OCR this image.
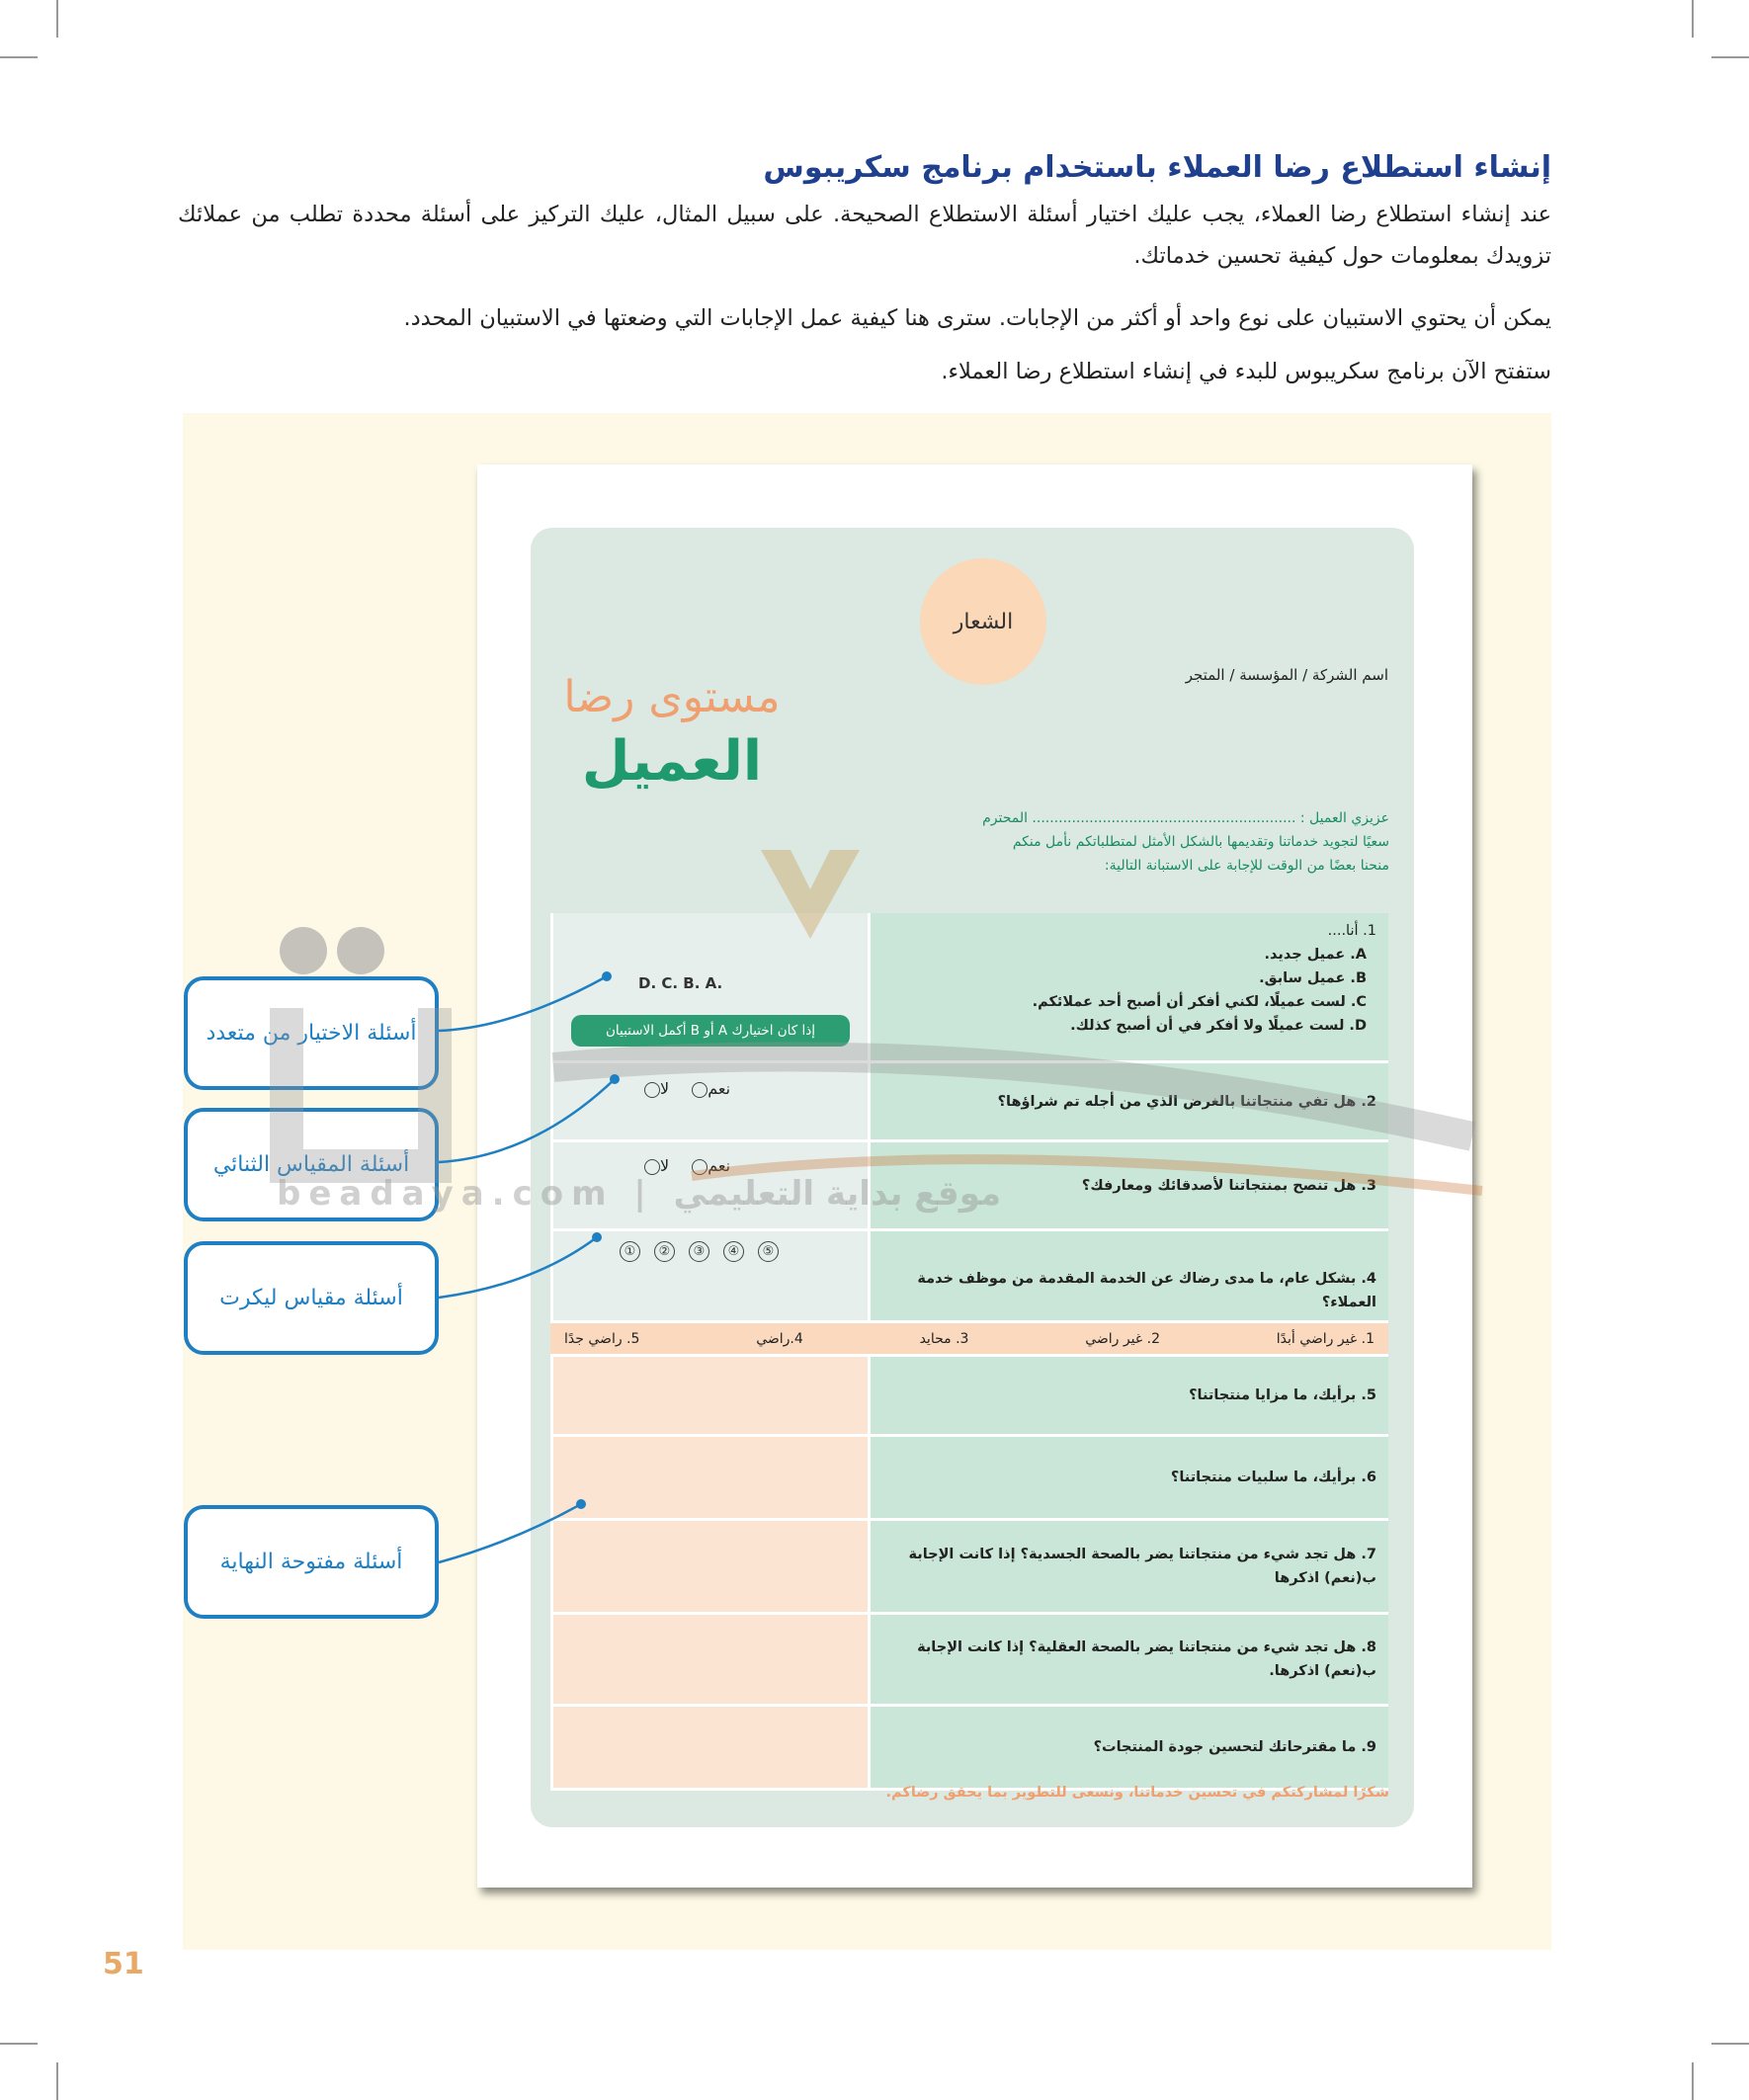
إنشاء استطلاع رضا العملاء باستخدام برنامج سكريبوس

عند إنشاء استطلاع رضا العملاء، يجب عليك اختيار أسئلة الاستطلاع الصحيحة. على سبيل المثال، عليك التركيز على أسئلة محددة تطلب من عملائك تزويدك بمعلومات حول كيفية تحسين خدماتك.

يمكن أن يحتوي الاستبيان على نوع واحد أو أكثر من الإجابات. سترى هنا كيفية عمل الإجابات التي وضعتها في الاستبيان المحدد.

ستفتح الآن برنامج سكريبوس للبدء في إنشاء استطلاع رضا العملاء.

الشعار
اسم الشركة / المؤسسة / المتجر
مستوى رضا
العميل
عزيزي العميل : ............................................................ المحترم
سعيًا لتجويد خدماتنا وتقديمها بالشكل الأمثل لمتطلباتكم نأمل منكم
منحنا بعضًا من الوقت للإجابة على الاستبانة التالية:
1. أنا....
A. عميل جديد.
B. عميل سابق.
C. لست عميلًا، لكني أفكر أن أصبح أحد عملائكم.
D. لست عميلًا ولا أفكر في أن أصبح كذلك.
2. هل تفي منتجاتنا بالغرض الذي من أجله تم شراؤها؟
3. هل تنصح بمنتجاتنا لأصدقائك ومعارفك؟
4. بشكل عام، ما مدى رضاك عن الخدمة المقدمة من موظف خدمة العملاء؟
1. غير راضي أبدًا
2. غير راضي
3. محايد
4.راضي
5. راضي جدًا
5. برأيك، ما مزايا منتجاتنا؟
6. برأيك، ما سلبيات منتجاتنا؟
7. هل تجد شيء من منتجاتنا يضر بالصحة الجسدية؟ إذا كانت الإجابة ب(نعم) اذكرها
8. هل تجد شيء من منتجاتنا يضر بالصحة العقلية؟ إذا كانت الإجابة ب(نعم) اذكرها.
9. ما مقترحاتك لتحسين جودة المنتجات؟
D. C. B. A.
إذا كان اختيارك A أو B أكمل الاستبيان
نعم لا
نعم لا
① ② ③ ④ ⑤
شكرًا لمشاركتكم في تحسين خدماتنا، ونسعى للتطوير بما يحقق رضاكم.
أسئلة الاختيار من متعدد
أسئلة المقياس الثنائي
أسئلة مقياس ليكرت
أسئلة مفتوحة النهاية
beadaya.com | موقع بداية التعليمي
51
